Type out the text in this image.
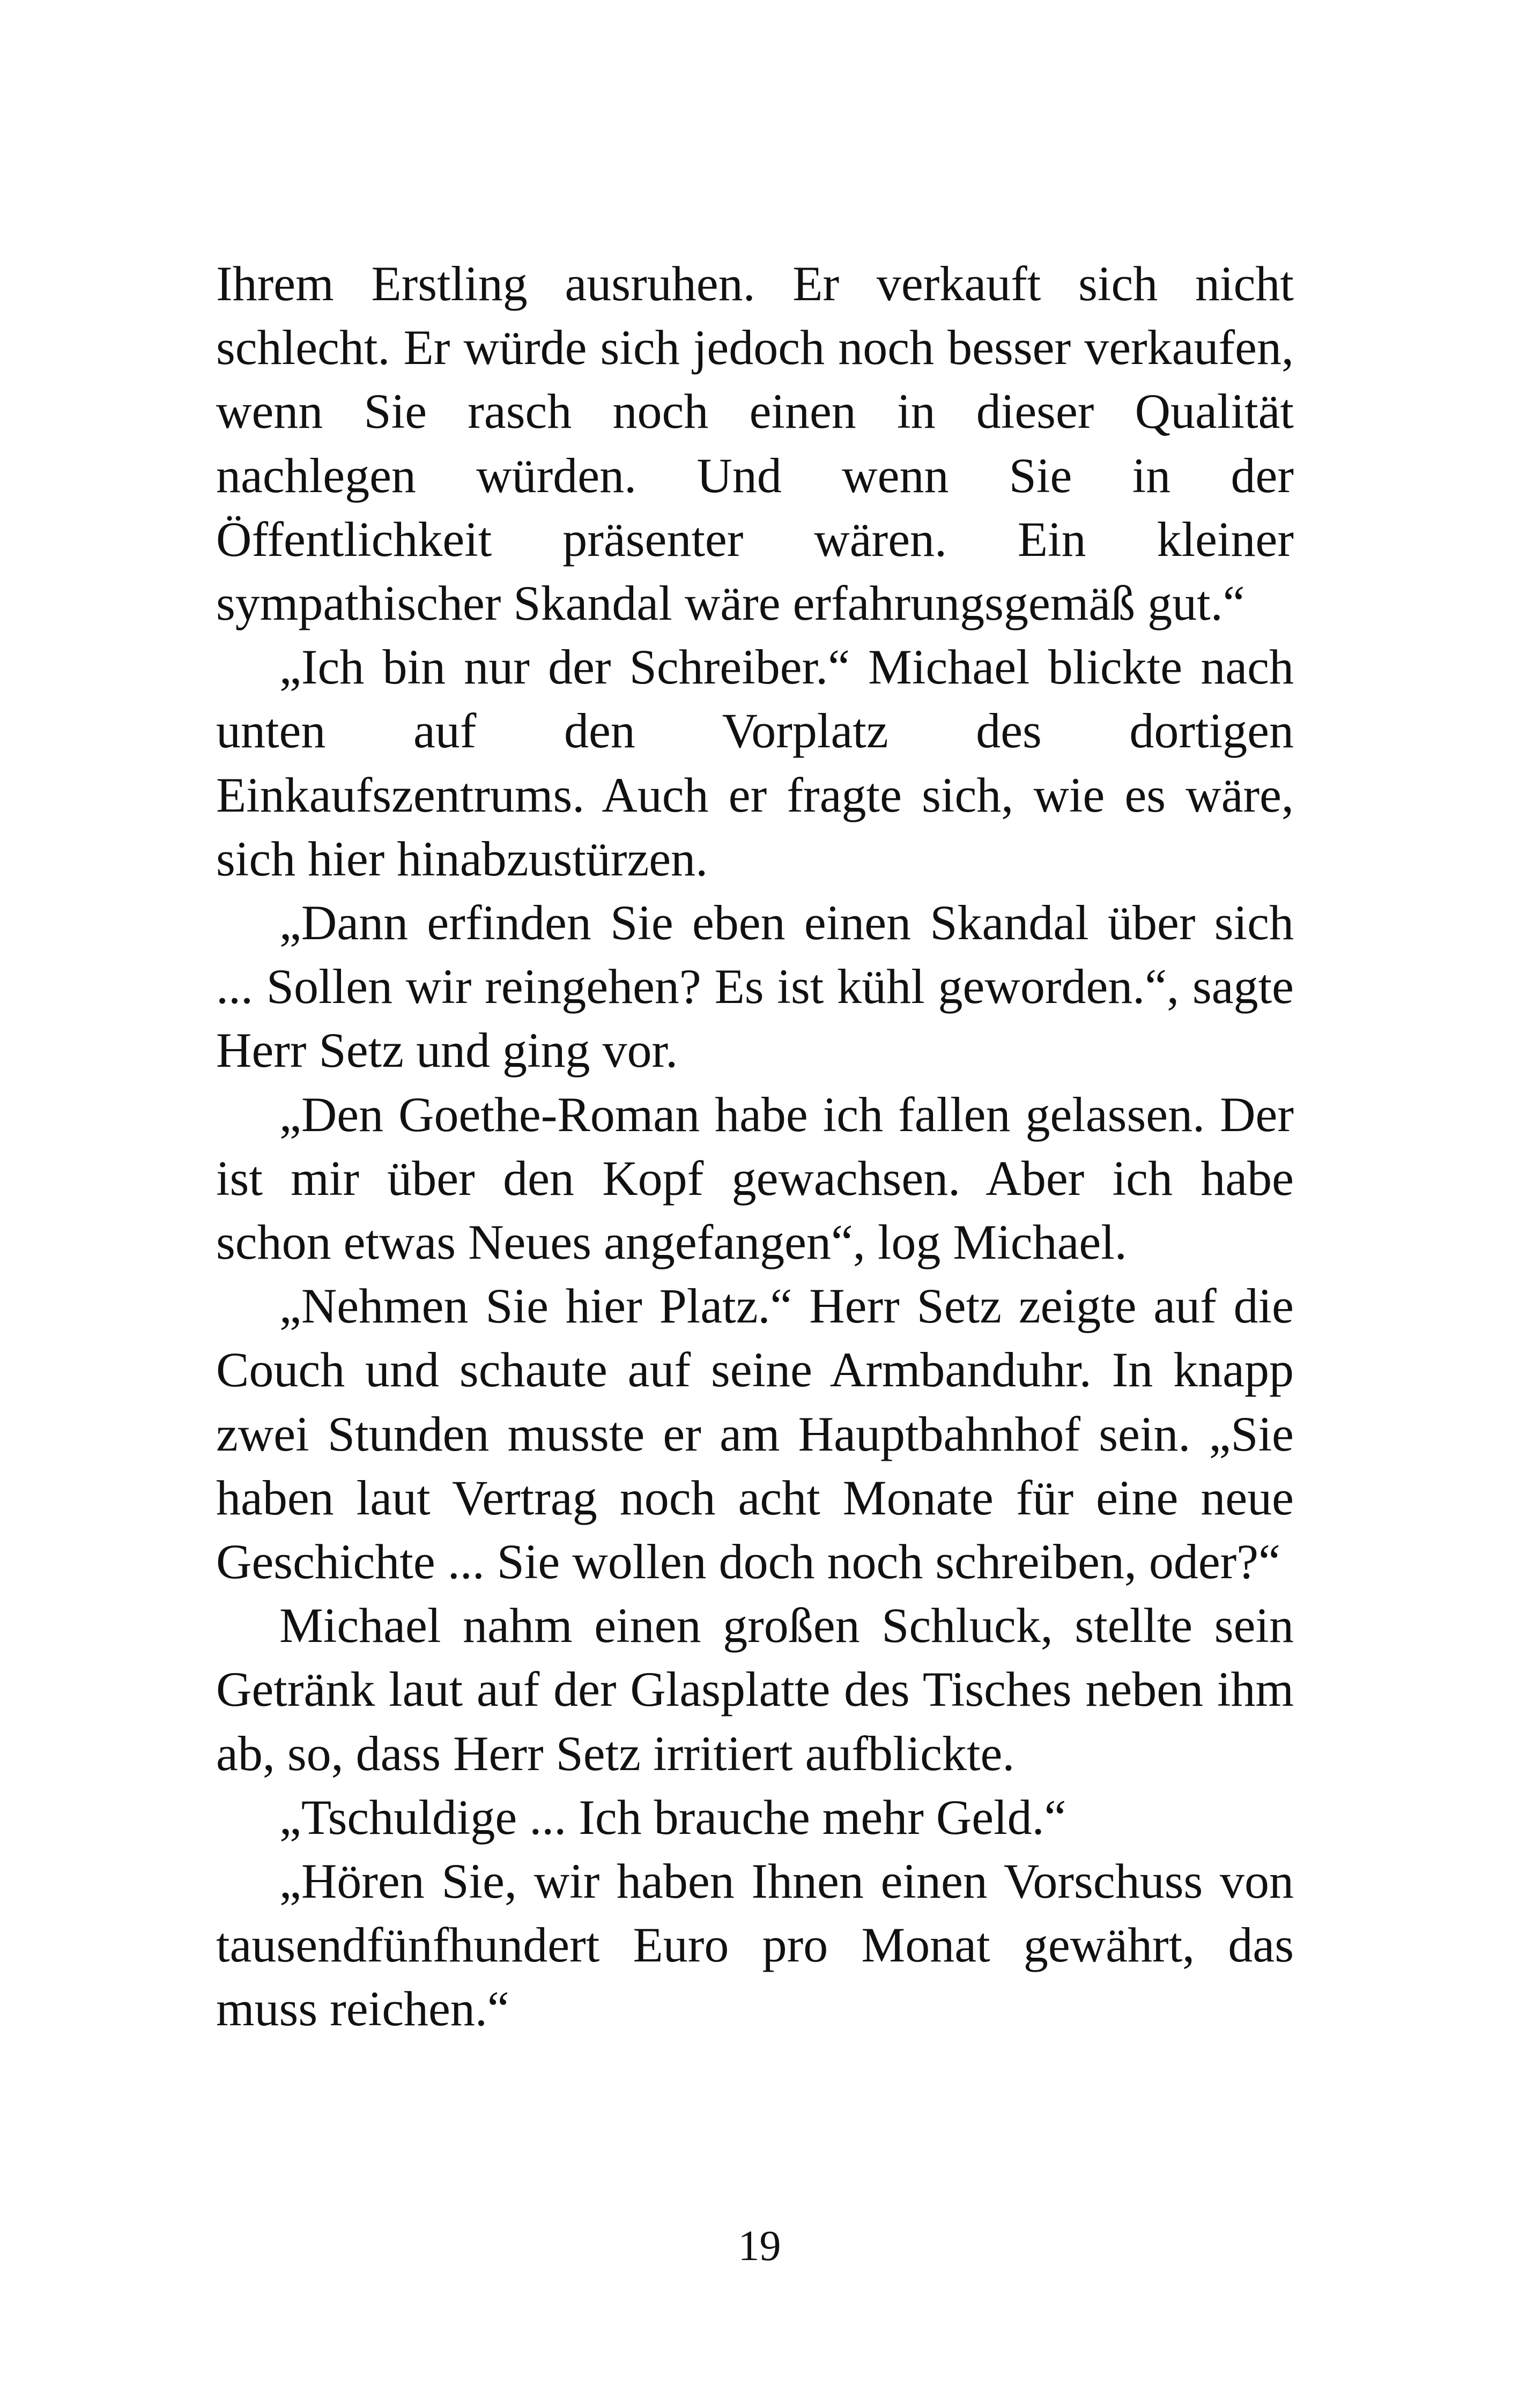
Ihrem Erstling ausruhen. Er verkauft sich nicht schlecht. Er würde sich jedoch noch besser verkaufen, wenn Sie rasch noch einen in dieser Qualität nachlegen würden. Und wenn Sie in der Öffentlichkeit präsenter wären. Ein kleiner sympathischer Skandal wäre erfahrungsgemäß gut.“

„Ich bin nur der Schreiber.“ Michael blickte nach unten auf den Vorplatz des dortigen Einkaufszentrums. Auch er fragte sich, wie es wäre, sich hier hinabzustürzen.

„Dann erfinden Sie eben einen Skandal über sich ... Sollen wir reingehen? Es ist kühl geworden.“, sagte Herr Setz und ging vor.

„Den Goethe-Roman habe ich fallen gelassen. Der ist mir über den Kopf gewachsen. Aber ich habe schon etwas Neues angefangen“, log Michael.

„Nehmen Sie hier Platz.“ Herr Setz zeigte auf die Couch und schaute auf seine Armbanduhr. In knapp zwei Stunden musste er am Hauptbahnhof sein. „Sie haben laut Vertrag noch acht Monate für eine neue Geschichte ... Sie wollen doch noch schreiben, oder?“

Michael nahm einen großen Schluck, stellte sein Getränk laut auf der Glasplatte des Tisches neben ihm ab, so, dass Herr Setz irritiert aufblickte.

„Tschuldige ... Ich brauche mehr Geld.“

„Hören Sie, wir haben Ihnen einen Vorschuss von tausendfünfhundert Euro pro Monat gewährt, das muss reichen.“

19
